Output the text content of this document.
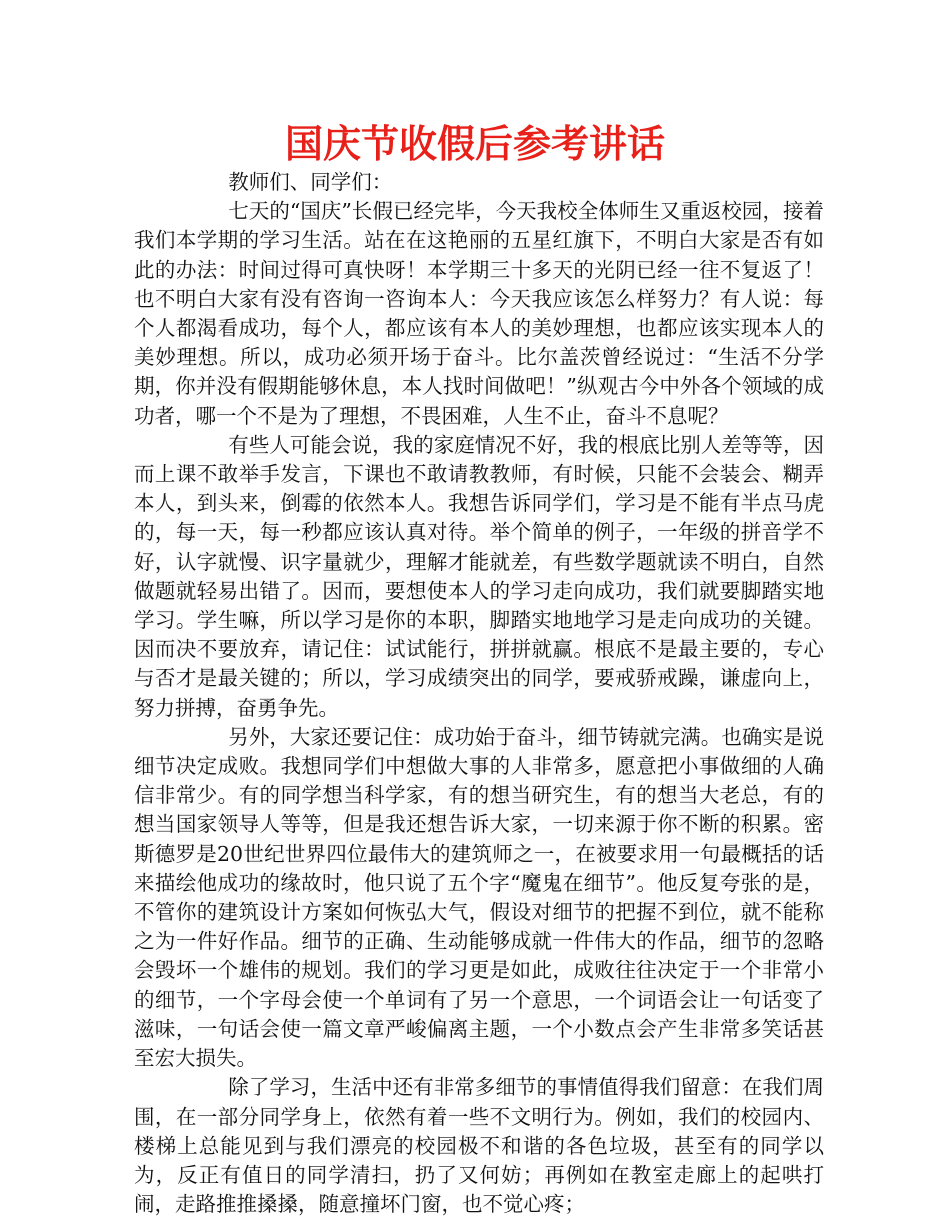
国庆节收假后参考讲话

教师们、同学们：

七天的“国庆”长假已经完毕，今天我校全体师生又重返校园，接着我们本学期的学习生活。站在在这艳丽的五星红旗下，不明白大家是否有如此的办法：时间过得可真快呀！本学期三十多天的光阴已经一往不复返了！也不明白大家有没有咨询一咨询本人：今天我应该怎么样努力？有人说：每个人都渴看成功，每个人，都应该有本人的美妙理想，也都应该实现本人的美妙理想。所以，成功必须开场于奋斗。比尔盖茨曾经说过：“生活不分学期，你并没有假期能够休息，本人找时间做吧！”纵观古今中外各个领域的成功者，哪一个不是为了理想，不畏困难，人生不止，奋斗不息呢？

有些人可能会说，我的家庭情况不好，我的根底比别人差等等，因而上课不敢举手发言，下课也不敢请教教师，有时候，只能不会装会、糊弄本人，到头来，倒霉的依然本人。我想告诉同学们，学习是不能有半点马虎的，每一天，每一秒都应该认真对待。举个简单的例子，一年级的拼音学不好，认字就慢、识字量就少，理解才能就差，有些数学题就读不明白，自然做题就轻易出错了。因而，要想使本人的学习走向成功，我们就要脚踏实地学习。学生嘛，所以学习是你的本职，脚踏实地地学习是走向成功的关键。因而决不要放弃，请记住：试试能行，拼拼就赢。根底不是最主要的，专心与否才是最关键的；所以，学习成绩突出的同学，要戒骄戒躁，谦虚向上，努力拼搏，奋勇争先。

另外，大家还要记住：成功始于奋斗，细节铸就完满。也确实是说细节决定成败。我想同学们中想做大事的人非常多，愿意把小事做细的人确信非常少。有的同学想当科学家，有的想当研究生，有的想当大老总，有的想当国家领导人等等，但是我还想告诉大家，一切来源于你不断的积累。密斯德罗是20世纪世界四位最伟大的建筑师之一，在被要求用一句最概括的话来描绘他成功的缘故时，他只说了五个字“魔鬼在细节”。他反复夸张的是，不管你的建筑设计方案如何恢弘大气，假设对细节的把握不到位，就不能称之为一件好作品。细节的正确、生动能够成就一件伟大的作品，细节的忽略会毁坏一个雄伟的规划。我们的学习更是如此，成败往往决定于一个非常小的细节，一个字母会使一个单词有了另一个意思，一个词语会让一句话变了滋味，一句话会使一篇文章严峻偏离主题，一个小数点会产生非常多笑话甚至宏大损失。

除了学习，生活中还有非常多细节的事情值得我们留意：在我们周围，在一部分同学身上，依然有着一些不文明行为。例如，我们的校园内、楼梯上总能见到与我们漂亮的校园极不和谐的各色垃圾，甚至有的同学以为，反正有值日的同学清扫，扔了又何妨；再例如在教室走廊上的起哄打闹，走路推推搡搡，随意撞坏门窗，也不觉心疼；
